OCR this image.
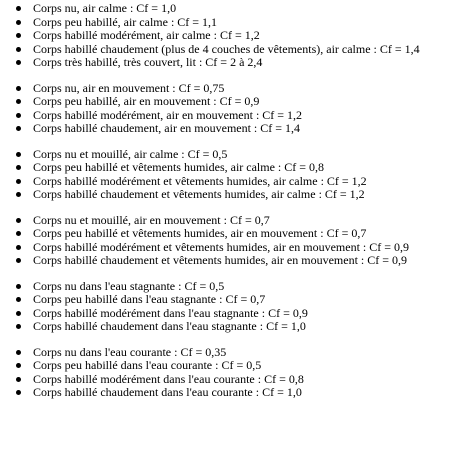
Corps nu, air calme : Cf = 1,0
Corps peu habillé, air calme : Cf = 1,1
Corps habillé modérément, air calme : Cf = 1,2
Corps habillé chaudement (plus de 4 couches de vêtements), air calme : Cf = 1,4
Corps très habillé, très couvert, lit : Cf = 2 à 2,4
Corps nu, air en mouvement : Cf = 0,75
Corps peu habillé, air en mouvement : Cf = 0,9
Corps habillé modérément, air en mouvement : Cf = 1,2
Corps habillé chaudement, air en mouvement : Cf = 1,4
Corps nu et mouillé, air calme : Cf = 0,5
Corps peu habillé et vêtements humides, air calme : Cf = 0,8
Corps habillé modérément et vêtements humides, air calme : Cf = 1,2
Corps habillé chaudement et vêtements humides, air calme : Cf = 1,2
Corps nu et mouillé, air en mouvement : Cf = 0,7
Corps peu habillé et vêtements humides, air en mouvement : Cf = 0,7
Corps habillé modérément et vêtements humides, air en mouvement : Cf = 0,9
Corps habillé chaudement et vêtements humides, air en mouvement : Cf = 0,9
Corps nu dans l'eau stagnante : Cf = 0,5
Corps peu habillé dans l'eau stagnante : Cf = 0,7
Corps habillé modérément dans l'eau stagnante : Cf = 0,9
Corps habillé chaudement dans l'eau stagnante : Cf = 1,0
Corps nu dans l'eau courante : Cf = 0,35
Corps peu habillé dans l'eau courante : Cf = 0,5
Corps habillé modérément dans l'eau courante : Cf = 0,8
Corps habillé chaudement dans l'eau courante : Cf = 1,0
